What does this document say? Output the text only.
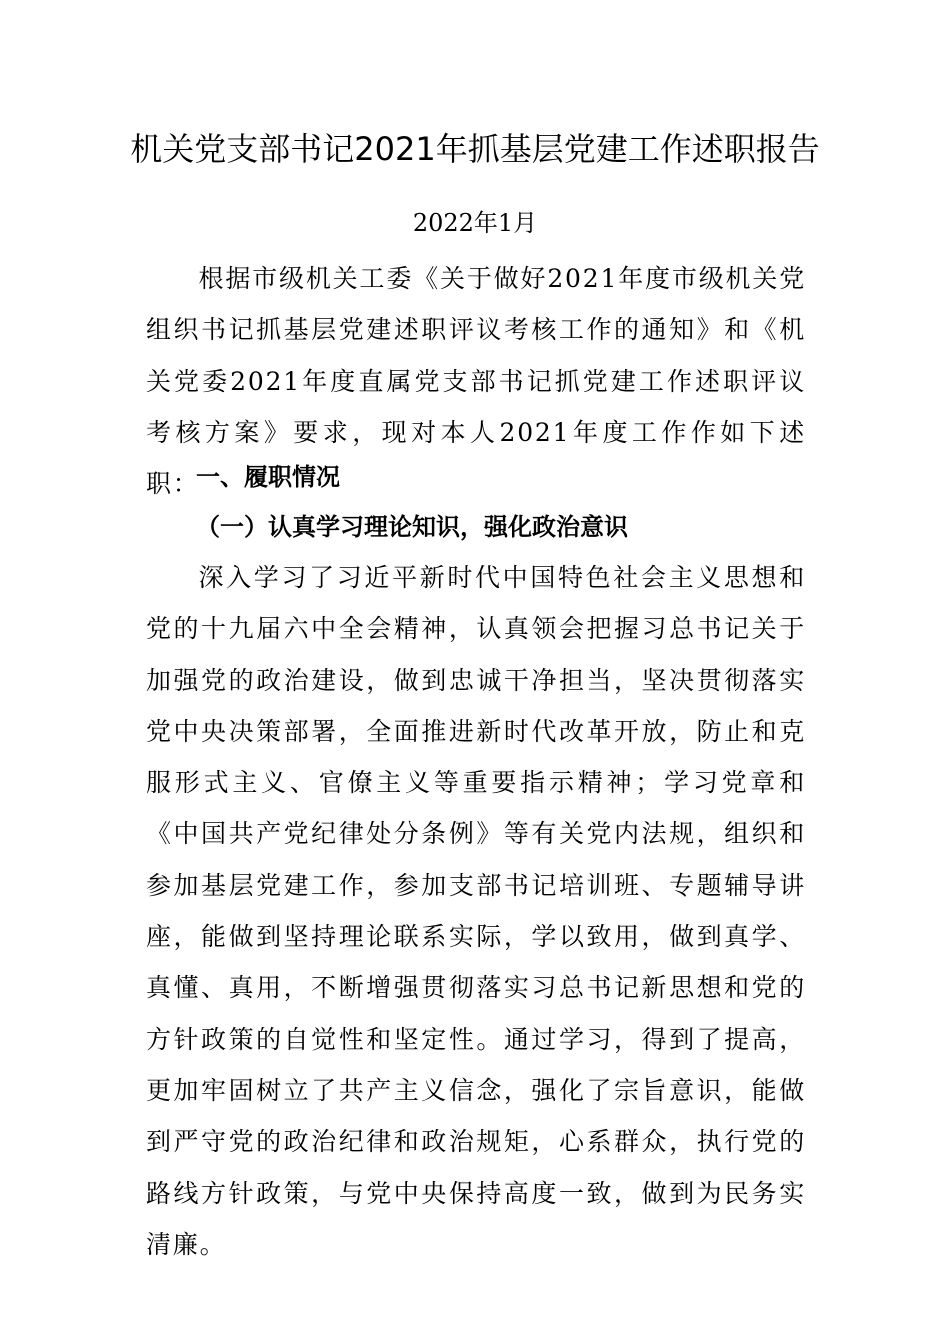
机关党支部书记2021年抓基层党建工作述职报告
2022年1月

根据市级机关工委《关于做好2021年度市级机关党组织书记抓基层党建述职评议考核工作的通知》和《机关党委2021年度直属党支部书记抓党建工作述职评议考核方案》要求，现对本人2021年度工作作如下述职：

一、履职情况
（一）认真学习理论知识，强化政治意识

深入学习了习近平新时代中国特色社会主义思想和党的十九届六中全会精神，认真领会把握习总书记关于加强党的政治建设，做到忠诚干净担当，坚决贯彻落实党中央决策部署，全面推进新时代改革开放，防止和克服形式主义、官僚主义等重要指示精神；学习党章和《中国共产党纪律处分条例》等有关党内法规，组织和参加基层党建工作，参加支部书记培训班、专题辅导讲座，能做到坚持理论联系实际，学以致用，做到真学、真懂、真用，不断增强贯彻落实习总书记新思想和党的方针政策的自觉性和坚定性。通过学习，得到了提高，更加牢固树立了共产主义信念，强化了宗旨意识，能做到严守党的政治纪律和政治规矩，心系群众，执行党的路线方针政策，与党中央保持高度一致，做到为民务实清廉。
